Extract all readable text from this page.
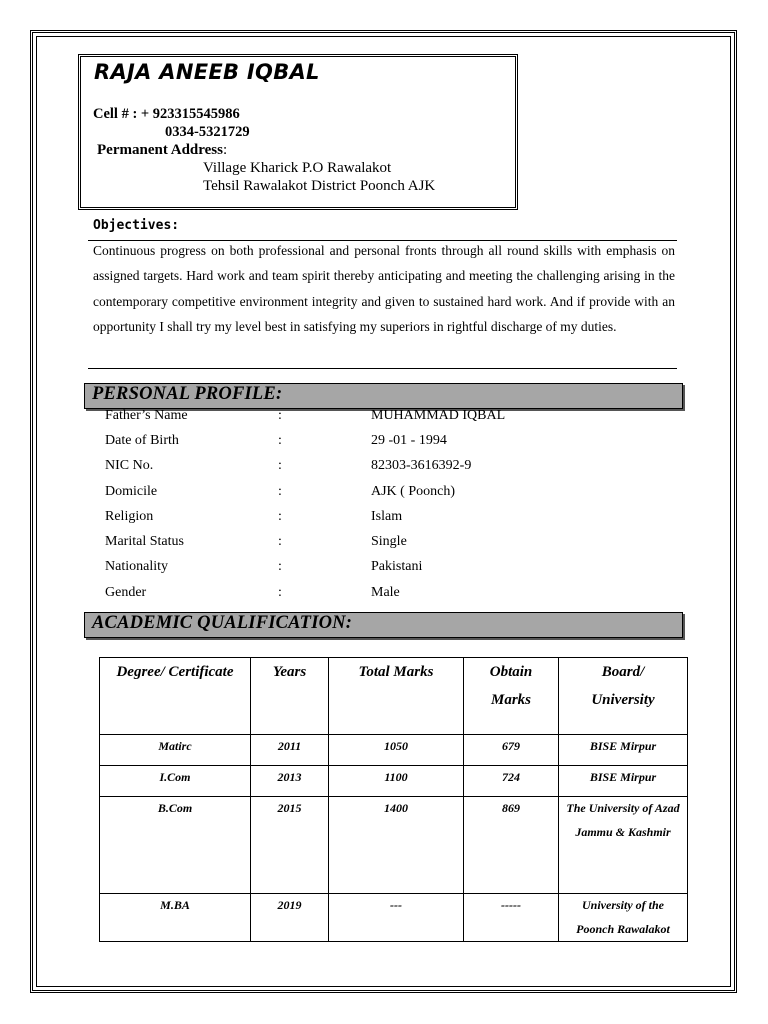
RAJA ANEEB IQBAL
Cell # : + 923315545986
0334-5321729
Permanent Address:
Village Kharick P.O Rawalakot
Tehsil Rawalakot District Poonch AJK
Objectives:
Continuous progress on both professional and personal fronts through all round skills with emphasis on assigned targets. Hard work and team spirit thereby anticipating and meeting the challenging arising in the contemporary competitive environment integrity and given to sustained hard work. And if provide with an opportunity I shall try my level best in satisfying my superiors in rightful discharge of my duties.
PERSONAL PROFILE:
Father’s Name	:	MUHAMMAD IQBAL
Date of Birth	:	29 -01 - 1994
NIC No.	:	82303-3616392-9
Domicile	:	AJK ( Poonch)
Religion	:	Islam
Marital Status	:	Single
Nationality	:	Pakistani
Gender	:	Male
ACADEMIC QUALIFICATION:
Degree/ Certificate	Years	Total Marks	Obtain Marks	Board/ University
Matirc	2011	1050	679	BISE Mirpur
I.Com	2013	1100	724	BISE Mirpur
B.Com	2015	1400	869	The University of Azad Jammu & Kashmir
M.BA	2019	---	-----	University of the Poonch Rawalakot
